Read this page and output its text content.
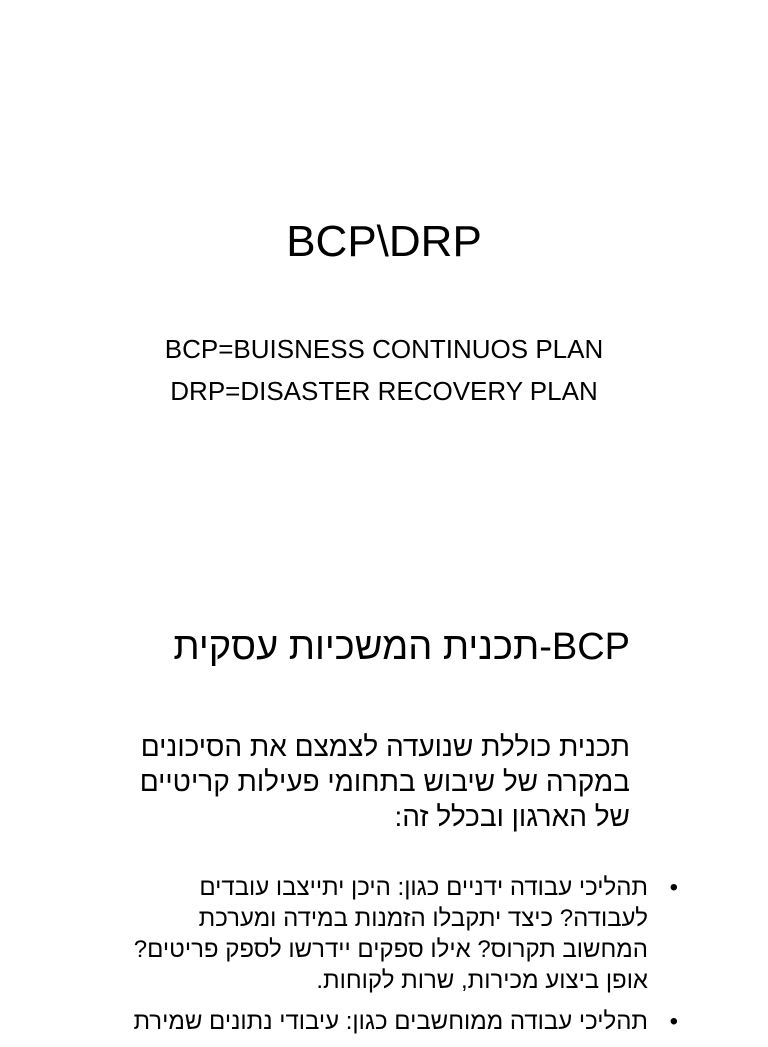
BCP\DRP
BCP=BUISNESS CONTINUOS PLAN
DRP=DISASTER RECOVERY PLAN
BCP-תכנית המשכיות עסקית
תכנית כוללת שנועדה לצמצם את הסיכונים
במקרה של שיבוש בתחומי פעילות קריטיים
של הארגון ובכלל זה:
•
תהליכי עבודה ידניים כגון: היכן יתייצבו עובדים
לעבודה? כיצד יתקבלו הזמנות במידה ומערכת
המחשוב תקרוס? אילו ספקים יידרשו לספק פריטים?
אופן ביצוע מכירות, שרות לקוחות.
•
תהליכי עבודה ממוחשבים כגון: עיבודי נתונים שמירת
